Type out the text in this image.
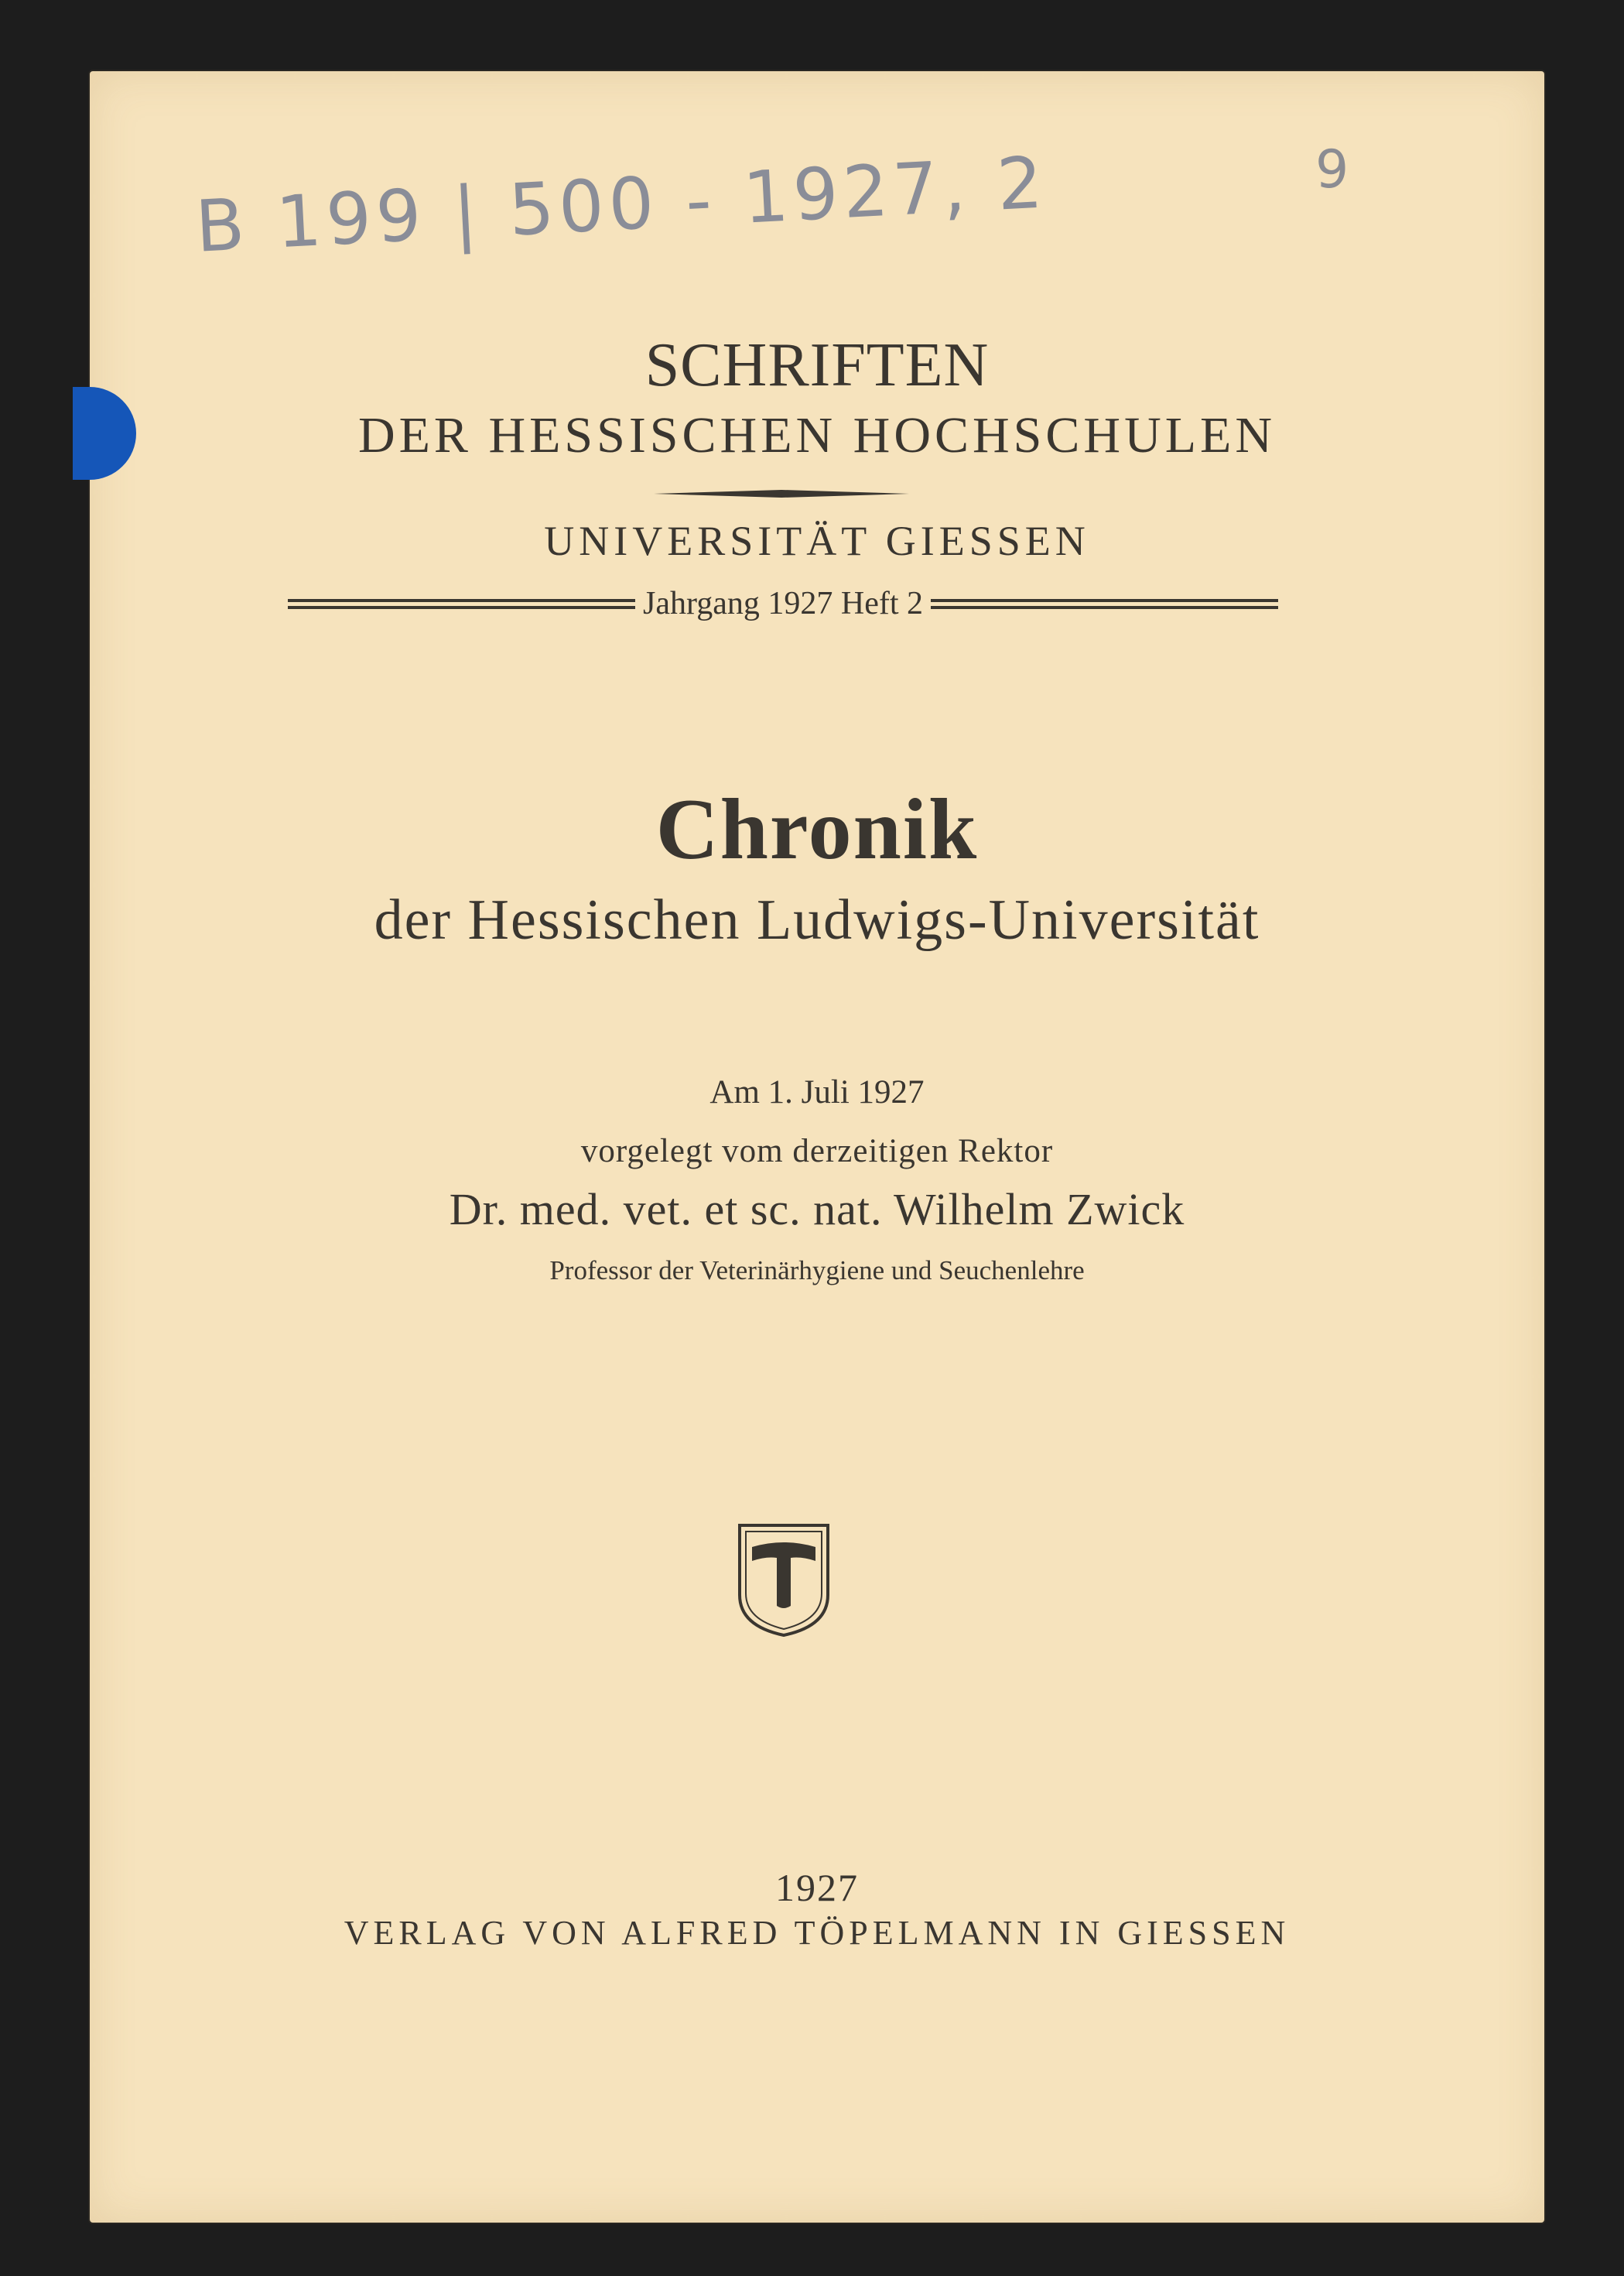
B 199 | 500 - 1927, 2	9
SCHRIFTEN
DER HESSISCHEN HOCHSCHULEN
UNIVERSITÄT GIESSEN
Jahrgang 1927 Heft 2
Chronik
der Hessischen Ludwigs-Universität
Am 1. Juli 1927
vorgelegt vom derzeitigen Rektor
Dr. med. vet. et sc. nat. Wilhelm Zwick
Professor der Veterinärhygiene und Seuchenlehre
1927
VERLAG VON ALFRED TÖPELMANN IN GIESSEN
